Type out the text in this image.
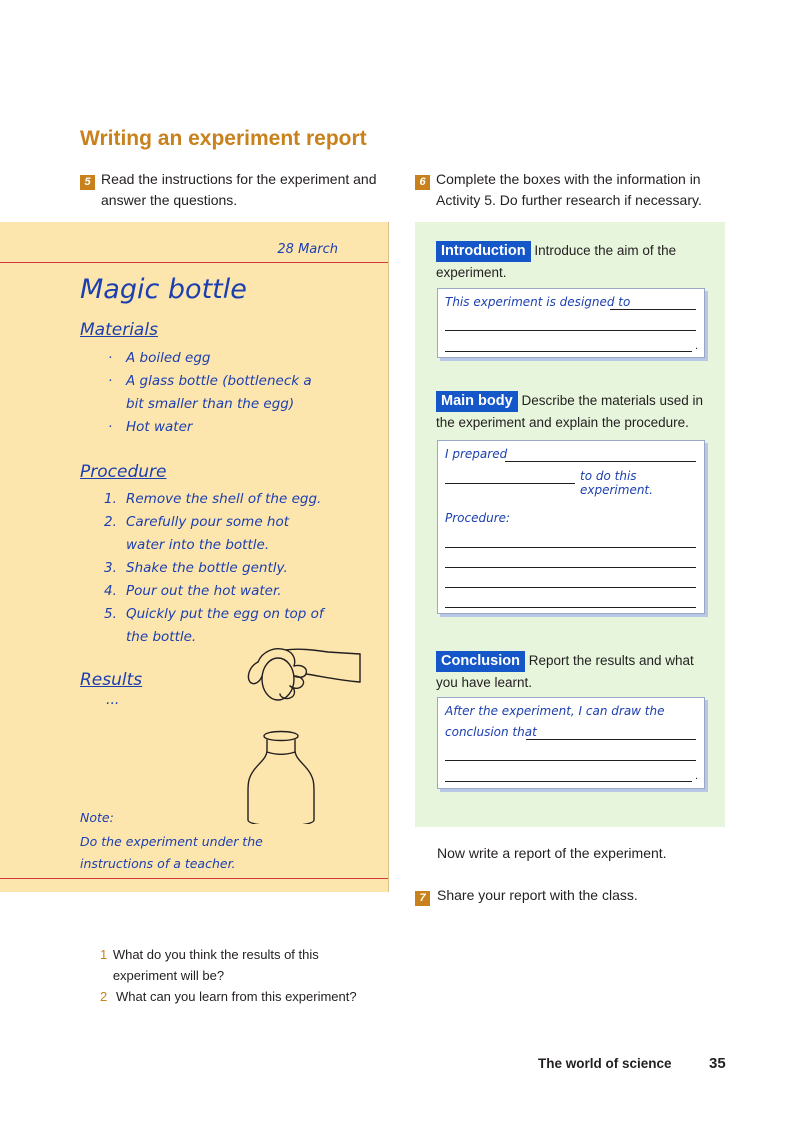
Writing an experiment report
5 Read the instructions for the experiment and answer the questions.
6 Complete the boxes with the information in Activity 5. Do further research if necessary.
28 March
Magic bottle
Materials
·	A boiled egg
·	A glass bottle (bottleneck a bit smaller than the egg)
·	Hot water
Procedure
1. Remove the shell of the egg.
2. Carefully pour some hot water into the bottle.
3. Shake the bottle gently.
4. Pour out the hot water.
5. Quickly put the egg on top of the bottle.
Results
...
Note:
Do the experiment under the instructions of a teacher.
Introduction Introduce the aim of the experiment.
This experiment is designed to
.
Main body Describe the materials used in the experiment and explain the procedure.
I prepared
to do this experiment.
Procedure:
Conclusion Report the results and what you have learnt.
After the experiment, I can draw the
conclusion that
.
Now write a report of the experiment.
7 Share your report with the class.
1 What do you think the results of this experiment will be?
2 What can you learn from this experiment?
The world of science 35
